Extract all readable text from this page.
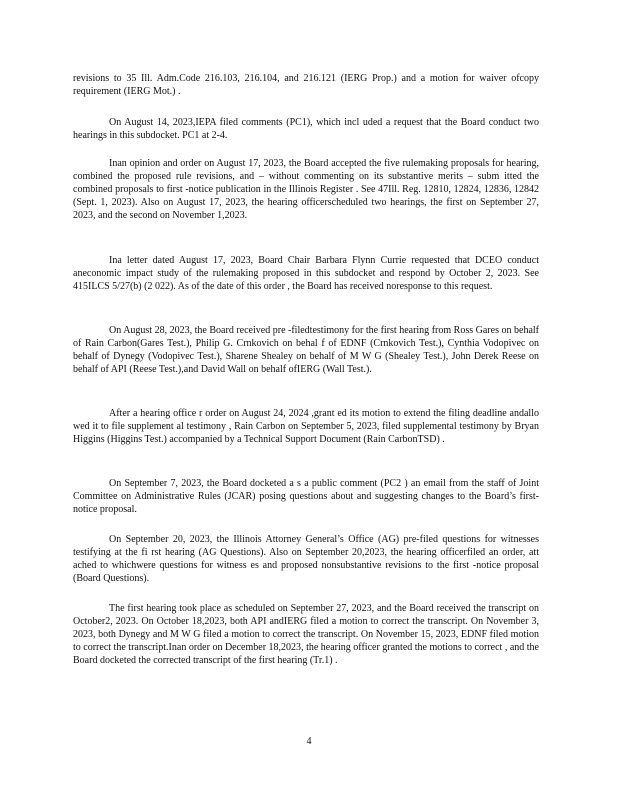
revisions to 35 Ill. Adm.Code 216.103, 216.104, and 216.121 (IERG Prop.) and a motion for waiver ofcopy requirement (IERG Mot.) .

On August 14, 2023,IEPA filed comments (PC1), which incl uded a request that the Board conduct two hearings in this subdocket. PC1 at 2-4.

Inan opinion and order on August 17, 2023, the Board accepted the five rulemaking proposals for hearing, combined the proposed rule revisions, and – without commenting on its substantive merits – subm itted the combined proposals to first -notice publication in the Illinois Register . See 47Ill. Reg. 12810, 12824, 12836, 12842 (Sept. 1, 2023). Also on August 17, 2023, the hearing officerscheduled two hearings, the first on September 27, 2023, and the second on November 1,2023.

Ina letter dated August 17, 2023, Board Chair Barbara Flynn Currie requested that DCEO conduct aneconomic impact study of the rulemaking proposed in this subdocket and respond by October 2, 2023. See 415ILCS 5/27(b) (2 022). As of the date of this order , the Board has received noresponse to this request.

On August 28, 2023, the Board received pre -filedtestimony for the first hearing from Ross Gares on behalf of Rain Carbon(Gares Test.), Philip G. Crnkovich on behal f of EDNF (Crnkovich Test.), Cynthia Vodopivec on behalf of Dynegy (Vodopivec Test.), Sharene Shealey on behalf of M W G (Shealey Test.), John Derek Reese on behalf of API (Reese Test.),and David Wall on behalf ofIERG (Wall Test.).

After a hearing office r order on August 24, 2024 ,grant ed its motion to extend the filing deadline andallo wed it to file supplement al testimony , Rain Carbon on September 5, 2023, filed supplemental testimony by Bryan Higgins (Higgins Test.) accompanied by a Technical Support Document (Rain CarbonTSD) .

On September 7, 2023, the Board docketed a s a public comment (PC2 ) an email from the staff of Joint Committee on Administrative Rules (JCAR) posing questions about and suggesting changes to the Board’s first-notice proposal.

On September 20, 2023, the Illinois Attorney General’s Office (AG) pre-filed questions for witnesses testifying at the fi rst hearing (AG Questions). Also on September 20,2023, the hearing officerfiled an order, att ached to whichwere questions for witness es and proposed nonsubstantive revisions to the first -notice proposal (Board Questions).

The first hearing took place as scheduled on September 27, 2023, and the Board received the transcript on October2, 2023. On October 18,2023, both API andIERG filed a motion to correct the transcript. On November 3, 2023, both Dynegy and M W G filed a motion to correct the transcript. On November 15, 2023, EDNF filed motion to correct the transcript.Inan order on December 18,2023, the hearing officer granted the motions to correct , and the Board docketed the corrected transcript of the first hearing (Tr.1) .

4
